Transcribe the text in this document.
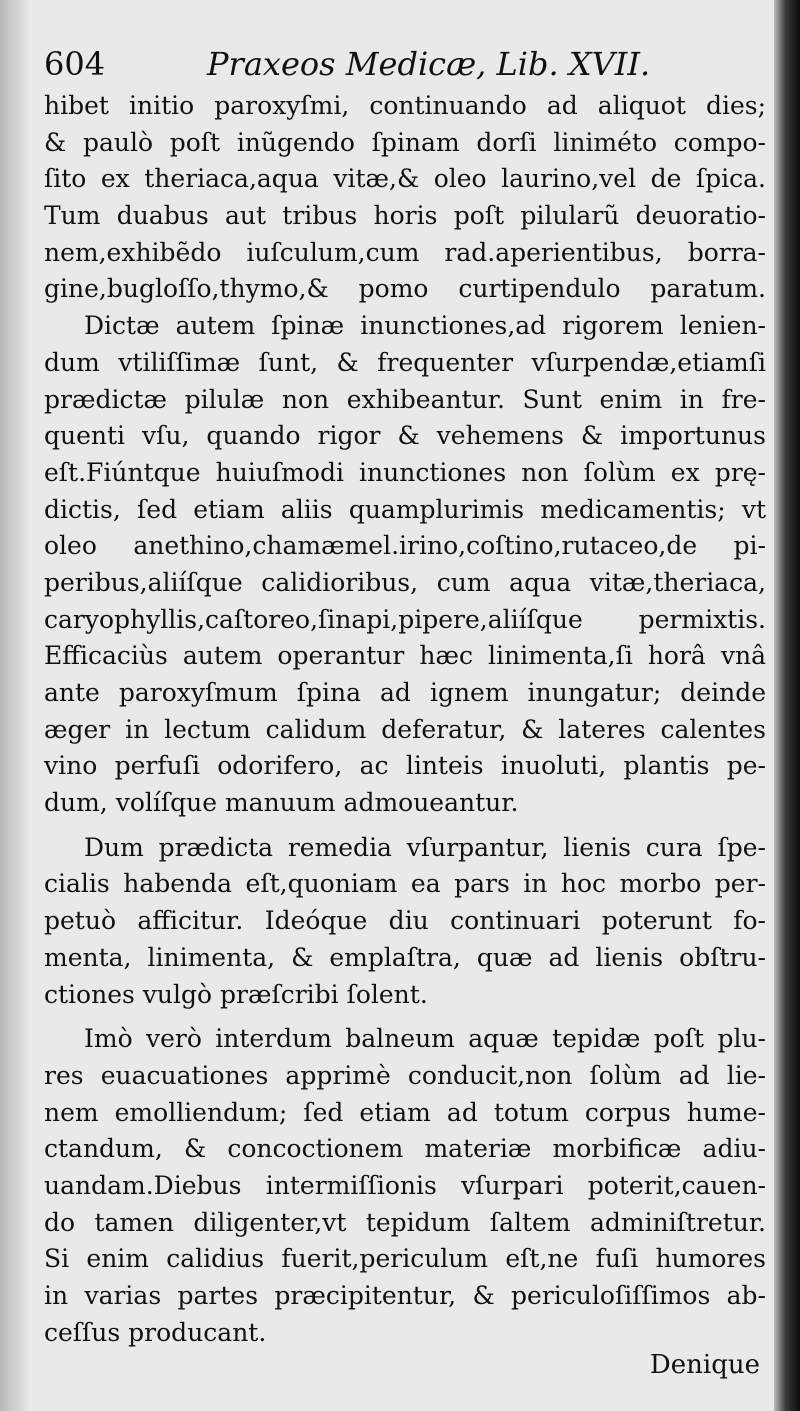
604	Praxeos Medicæ, Lib. XVII.
hibet initio paroxyſmi, continuando ad aliquot dies;
& paulò poſt inũgendo ſpinam dorſi liniméto compo-
ſito ex theriaca,aqua vitæ,& oleo laurino,vel de ſpica.
Tum duabus aut tribus horis poſt pilularũ deuoratio-
nem,exhibẽdo iuſculum,cum rad.aperientibus, borra-
gine,bugloſſo,thymo,& pomo curtipendulo paratum.
Dictæ autem ſpinæ inunctiones,ad rigorem lenien-
dum vtiliſſimæ ſunt, & frequenter vſurpendæ,etiamſi
prædictæ pilulæ non exhibeantur. Sunt enim in fre-
quenti vſu, quando rigor & vehemens & importunus
eſt.Fiúntque huiuſmodi inunctiones non ſolùm ex prę-
dictis, ſed etiam aliis quamplurimis medicamentis; vt
oleo anethino,chamæmel.irino,coſtino,rutaceo,de pi-
peribus,aliíſque calidioribus, cum aqua vitæ,theriaca,
caryophyllis,caſtoreo,ſinapi,pipere,aliíſque permixtis.
Efficaciùs autem operantur hæc linimenta,ſi horâ vnâ
ante paroxyſmum ſpina ad ignem inungatur; deinde
æger in lectum calidum deferatur, & lateres calentes
vino perfuſi odorifero, ac linteis inuoluti, plantis pe-
dum, volíſque manuum admoueantur.
Dum prædicta remedia vſurpantur, lienis cura ſpe-
cialis habenda eſt,quoniam ea pars in hoc morbo per-
petuò afficitur. Ideóque diu continuari poterunt fo-
menta, linimenta, & emplaſtra, quæ ad lienis obſtru-
ctiones vulgò præſcribi ſolent.
Imò verò interdum balneum aquæ tepidæ poſt plu-
res euacuationes apprimè conducit,non ſolùm ad lie-
nem emolliendum; ſed etiam ad totum corpus hume-
ctandum, & concoctionem materiæ morbificæ adiu-
uandam.Diebus intermiſſionis vſurpari poterit,cauen-
do tamen diligenter,vt tepidum ſaltem adminiſtretur.
Si enim calidius fuerit,periculum eſt,ne fuſi humores
in varias partes præcipitentur, & periculoſiſſimos ab-
ceſſus producant.
Denique
